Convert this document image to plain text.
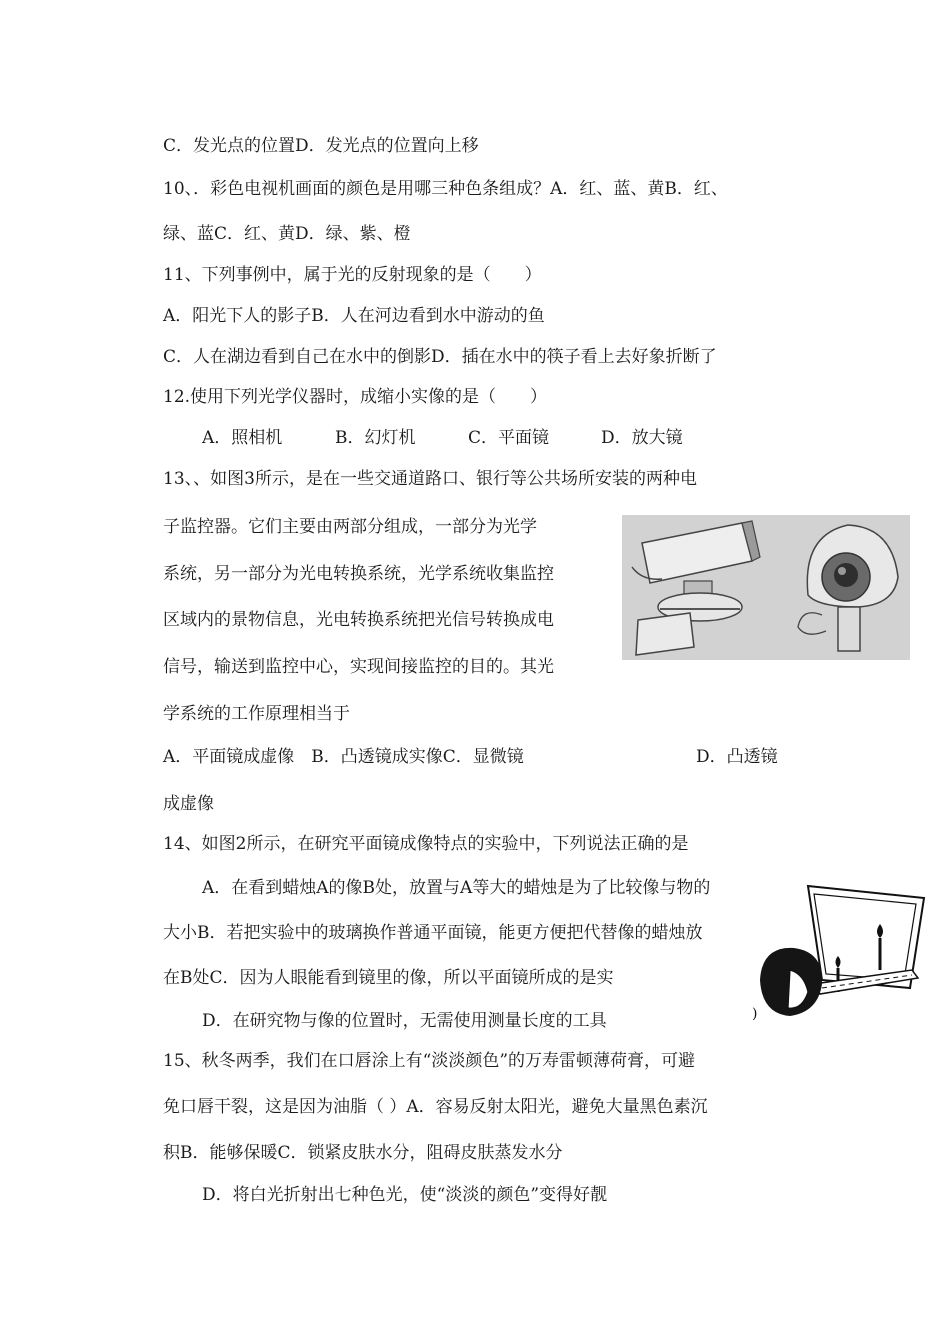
C．发光点的位置D．发光点的位置向上移
10、．彩色电视机画面的颜色是用哪三种色条组成？A．红、蓝、黄B．红、
绿、蓝C．红、黄D．绿、紫、橙
11、下列事例中，属于光的反射现象的是（　　）
A．阳光下人的影子B．人在河边看到水中游动的鱼
C．人在湖边看到自己在水中的倒影D．插在水中的筷子看上去好象折断了
12.使用下列光学仪器时，成缩小实像的是（　　）
A．照相机	B．幻灯机	C．平面镜	D．放大镜
13、、如图3所示，是在一些交通道路口、银行等公共场所安装的两种电
子监控器。它们主要由两部分组成，一部分为光学
系统，另一部分为光电转换系统，光学系统收集监控
区域内的景物信息，光电转换系统把光信号转换成电
信号，输送到监控中心，实现间接监控的目的。其光
学系统的工作原理相当于
A．平面镜成虚像　B．凸透镜成实像C．显微镜	D．凸透镜
成虚像
14、如图2所示，在研究平面镜成像特点的实验中，下列说法正确的是
A．在看到蜡烛A的像B处，放置与A等大的蜡烛是为了比较像与物的
大小B．若把实验中的玻璃换作普通平面镜，能更方便把代替像的蜡烛放
在B处C．因为人眼能看到镜里的像，所以平面镜所成的是实
D．在研究物与像的位置时，无需使用测量长度的工具
15、秋冬两季，我们在口唇涂上有“淡淡颜色”的万寿雷顿薄荷膏，可避
免口唇干裂，这是因为油脂（ ）A．容易反射太阳光，避免大量黑色素沉
积B．能够保暖C．锁紧皮肤水分，阻碍皮肤蒸发水分
D．将白光折射出七种色光，使“淡淡的颜色”变得好靓
)
